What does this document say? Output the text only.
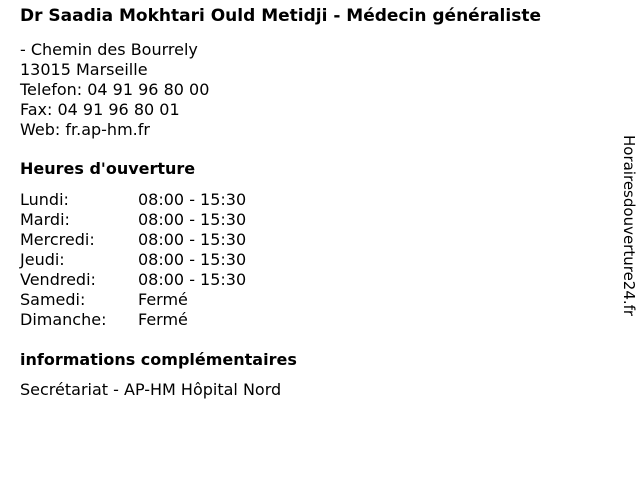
Dr Saadia Mokhtari Ould Metidji - Médecin généraliste
- Chemin des Bourrely
13015 Marseille
Telefon: 04 91 96 80 00
Fax: 04 91 96 80 01
Web: fr.ap-hm.fr
Heures d'ouverture
Lundi:	08:00 - 15:30
Mardi:	08:00 - 15:30
Mercredi:	08:00 - 15:30
Jeudi:	08:00 - 15:30
Vendredi:	08:00 - 15:30
Samedi:	Fermé
Dimanche:	Fermé
informations complémentaires
Secrétariat - AP-HM Hôpital Nord
Horairesdouverture24.fr
